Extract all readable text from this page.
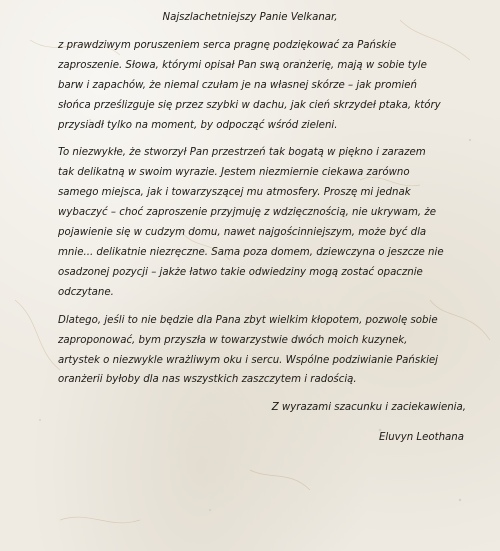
Najszlachetniejszy Panie Velkanar,

z prawdziwym poruszeniem serca pragnę podziękować za Pańskie
zaproszenie. Słowa, którymi opisał Pan swą oranżerię, mają w sobie tyle
barw i zapachów, że niemal czułam je na własnej skórze – jak promień
słońca prześlizguje się przez szybki w dachu, jak cień skrzydeł ptaka, który
przysiadł tylko na moment, by odpocząć wśród zieleni.
To niezwykłe, że stworzył Pan przestrzeń tak bogatą w piękno i zarazem
tak delikatną w swoim wyrazie. Jestem niezmiernie ciekawa zarówno
samego miejsca, jak i towarzyszącej mu atmosfery. Proszę mi jednak
wybaczyć – choć zaproszenie przyjmuję z wdzięcznością, nie ukrywam, że
pojawienie się w cudzym domu, nawet najgościnniejszym, może być dla
mnie... delikatnie niezręczne. Sama poza domem, dziewczyna o jeszcze nie
osadzonej pozycji – jakże łatwo takie odwiedziny mogą zostać opacznie
odczytane.
Dlatego, jeśli to nie będzie dla Pana zbyt wielkim kłopotem, pozwolę sobie
zaproponować, bym przyszła w towarzystwie dwóch moich kuzynek,
artystek o niezwykle wrażliwym oku i sercu. Wspólne podziwianie Pańskiej
oranżerii byłoby dla nas wszystkich zaszczytem i radością.

Z wyrazami szacunku i zaciekawienia,

Eluvyn Leothana
